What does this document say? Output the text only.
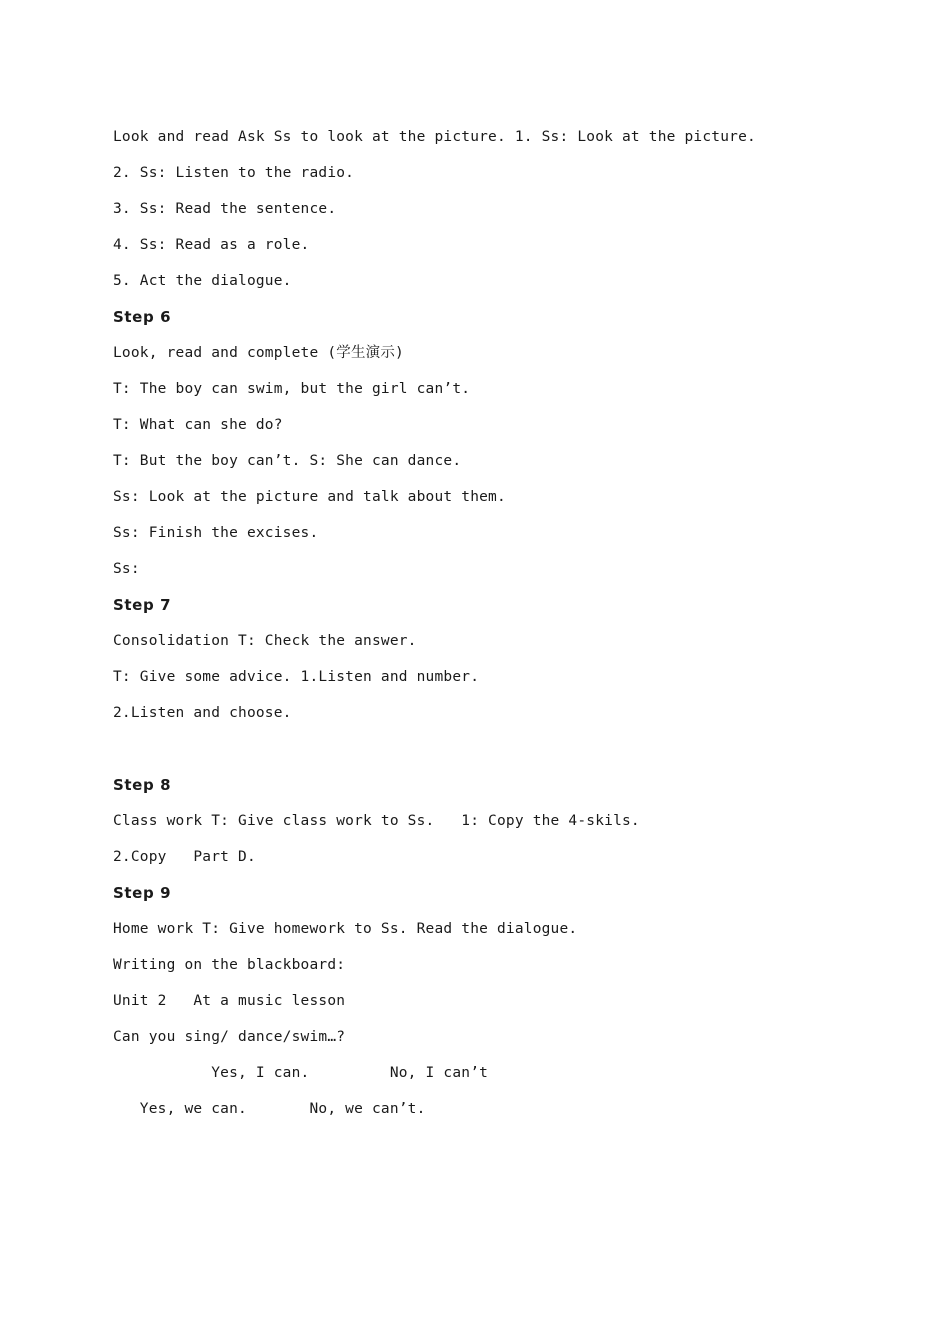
Look and read Ask Ss to look at the picture. 1. Ss: Look at the picture.
2. Ss: Listen to the radio.
3. Ss: Read the sentence.
4. Ss: Read as a role.
5. Act the dialogue.
Step 6
Look, read and complete (学生演示)
T: The boy can swim, but the girl can’t.
T: What can she do?
T: But the boy can’t. S: She can dance.
Ss: Look at the picture and talk about them.
Ss: Finish the excises.
Ss:
Step 7
Consolidation T: Check the answer.
T: Give some advice. 1.Listen and number.
2.Listen and choose.
Step 8
Class work T: Give class work to Ss.   1: Copy the 4-skils.
2.Copy   Part D.
Step 9
Home work T: Give homework to Ss. Read the dialogue.
Writing on the blackboard:
Unit 2   At a music lesson
Can you sing/ dance/swim…?
Yes, I can.         No, I can’t
Yes, we can.       No, we can’t.
